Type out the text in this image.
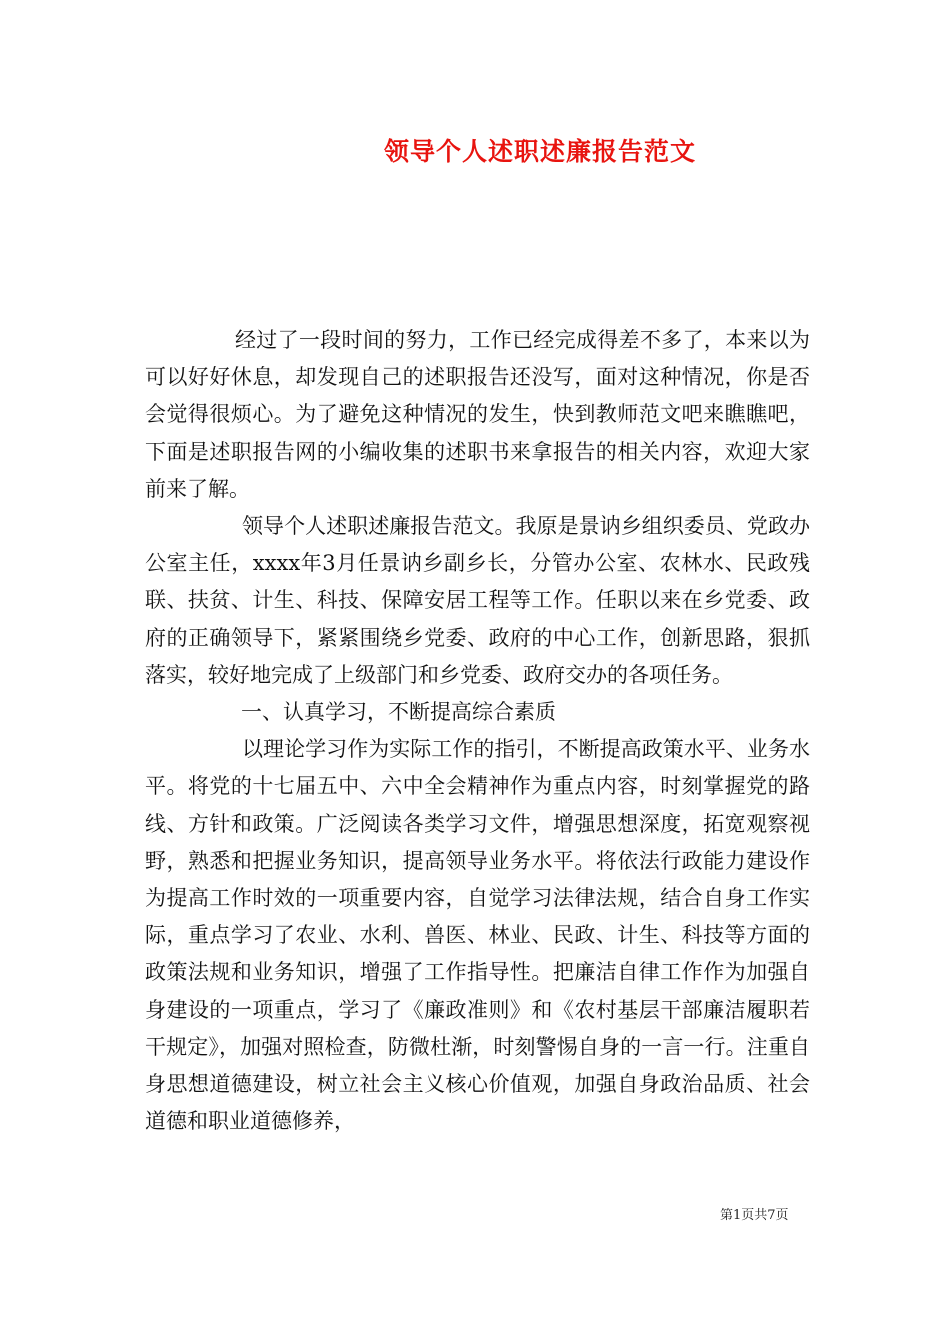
领导个人述职述廉报告范文

经过了一段时间的努力，工作已经完成得差不多了，本来以为可以好好休息，却发现自己的述职报告还没写，面对这种情况，你是否会觉得很烦心。为了避免这种情况的发生，快到教师范文吧来瞧瞧吧，下面是述职报告网的小编收集的述职书来拿报告的相关内容，欢迎大家前来了解。

领导个人述职述廉报告范文。我原是景讷乡组织委员、党政办公室主任，xxxx年3月任景讷乡副乡长，分管办公室、农林水、民政残联、扶贫、计生、科技、保障安居工程等工作。任职以来在乡党委、政府的正确领导下，紧紧围绕乡党委、政府的中心工作，创新思路，狠抓落实，较好地完成了上级部门和乡党委、政府交办的各项任务。

一、认真学习，不断提高综合素质

以理论学习作为实际工作的指引，不断提高政策水平、业务水平。将党的十七届五中、六中全会精神作为重点内容，时刻掌握党的路线、方针和政策。广泛阅读各类学习文件，增强思想深度，拓宽观察视野，熟悉和把握业务知识，提高领导业务水平。将依法行政能力建设作为提高工作时效的一项重要内容，自觉学习法律法规，结合自身工作实际，重点学习了农业、水利、兽医、林业、民政、计生、科技等方面的政策法规和业务知识，增强了工作指导性。把廉洁自律工作作为加强自身建设的一项重点，学习了《廉政准则》和《农村基层干部廉洁履职若干规定》，加强对照检查，防微杜渐，时刻警惕自身的一言一行。注重自身思想道德建设，树立社会主义核心价值观，加强自身政治品质、社会道德和职业道德修养，

第1页共7页
